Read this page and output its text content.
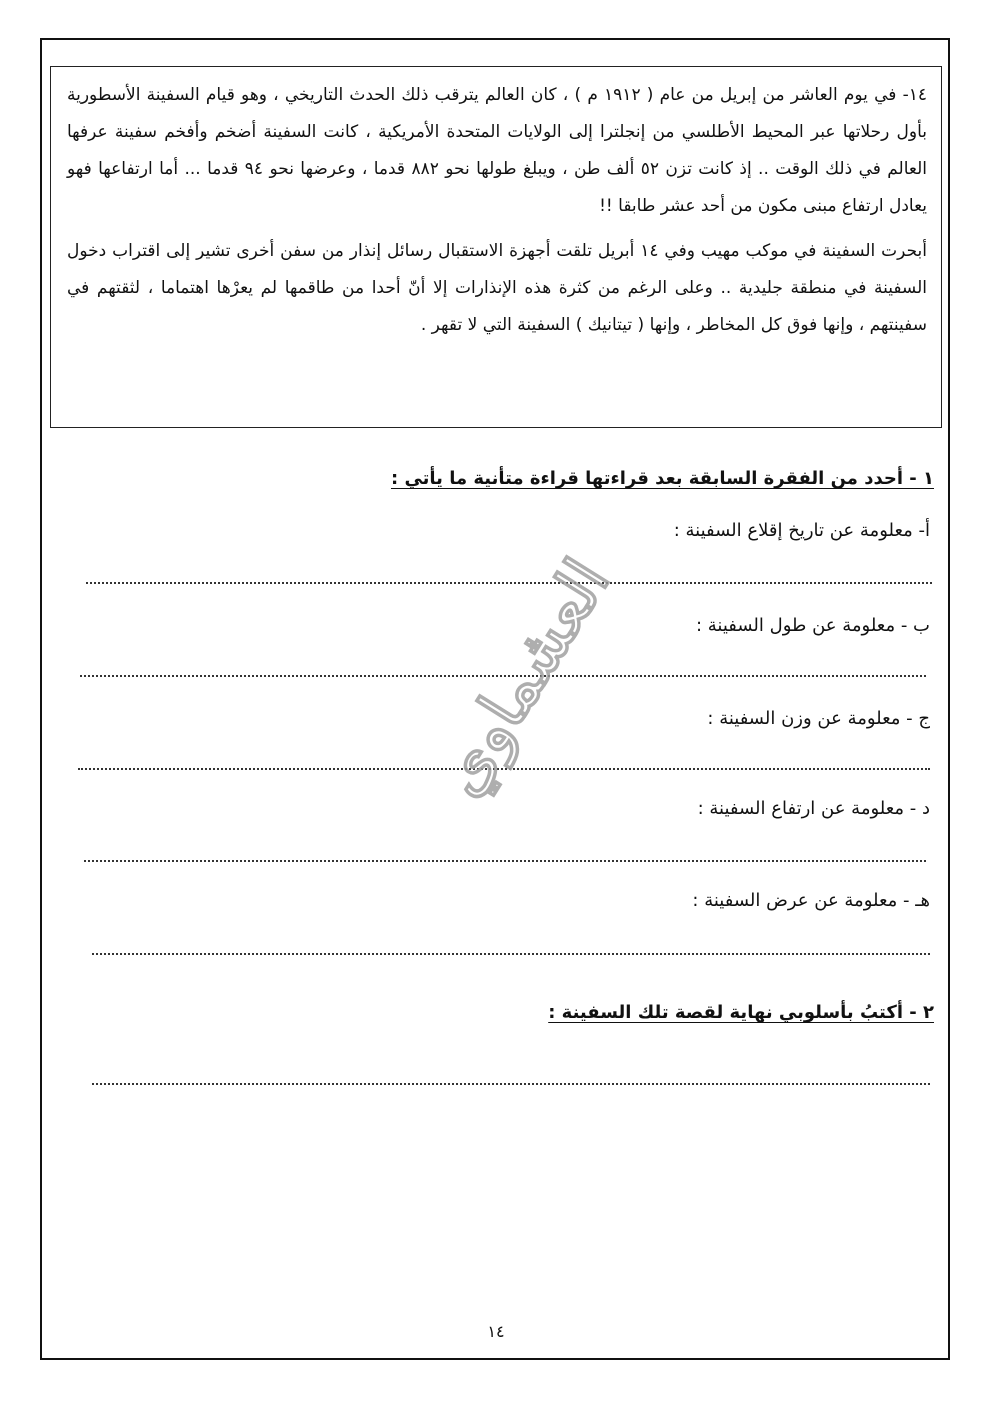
١٤- في يوم العاشر من إبريل من عام ( ١٩١٢ م ) ، كان العالم يترقب ذلك الحدث التاريخي ، وهو قيام السفينة الأسطورية بأول رحلاتها عبر المحيط الأطلسي من إنجلترا إلى الولايات المتحدة الأمريكية ، كانت السفينة أضخم وأفخم سفينة عرفها العالم في ذلك الوقت .. إذ كانت تزن ٥٢ ألف طن ، ويبلغ طولها نحو ٨٨٢ قدما ، وعرضها نحو ٩٤ قدما ... أما ارتفاعها فهو يعادل ارتفاع مبنى مكون من أحد عشر طابقا !!

أبحرت السفينة في موكب مهيب وفي ١٤ أبريل تلقت أجهزة الاستقبال رسائل إنذار من سفن أخرى تشير إلى اقتراب دخول السفينة في منطقة جليدية .. وعلى الرغم من كثرة هذه الإنذارات إلا أنّ أحدا من طاقمها لم يعرْها اهتماما ، لثقتهم في سفينتهم ، وإنها فوق كل المخاطر ، وإنها ( تيتانيك ) السفينة التي لا تقهر .

١ - أحدد من الفقرة السابقة بعد قراءتها قراءة متأنية ما يأتي :
أ- معلومة عن تاريخ إقلاع السفينة :
ب - معلومة عن طول السفينة :
ج - معلومة عن وزن السفينة :
د - معلومة عن ارتفاع السفينة :
هـ - معلومة عن عرض السفينة :
٢ - أكتبُ بأسلوبي نهاية لقصة تلك السفينة :
العشماوي
١٤
